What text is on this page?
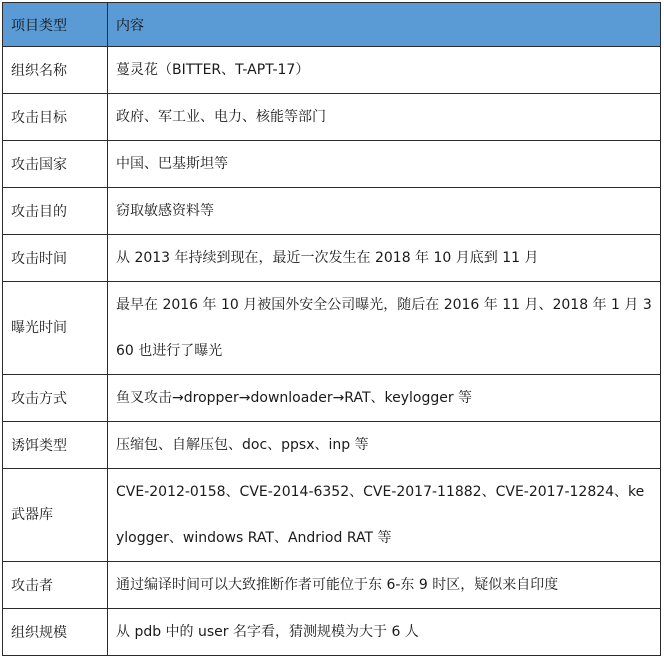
项目类型	内容
组织名称	蔓灵花（BITTER、T-APT-17）
攻击目标	政府、军工业、电力、核能等部门
攻击国家	中国、巴基斯坦等
攻击目的	窃取敏感资料等
攻击时间	从 2013 年持续到现在，最近一次发生在 2018 年 10 月底到 11 月
曝光时间	最早在 2016 年 10 月被国外安全公司曝光，随后在 2016 年 11 月、2018 年 1 月 360 也进行了曝光
攻击方式	鱼叉攻击→dropper→downloader→RAT、keylogger 等
诱饵类型	压缩包、自解压包、doc、ppsx、inp 等
武器库	CVE-2012-0158、CVE-2014-6352、CVE-2017-11882、CVE-2017-12824、keylogger、windows RAT、Andriod RAT 等
攻击者	通过编译时间可以大致推断作者可能位于东 6-东 9 时区，疑似来自印度
组织规模	从 pdb 中的 user 名字看，猜测规模为大于 6 人
